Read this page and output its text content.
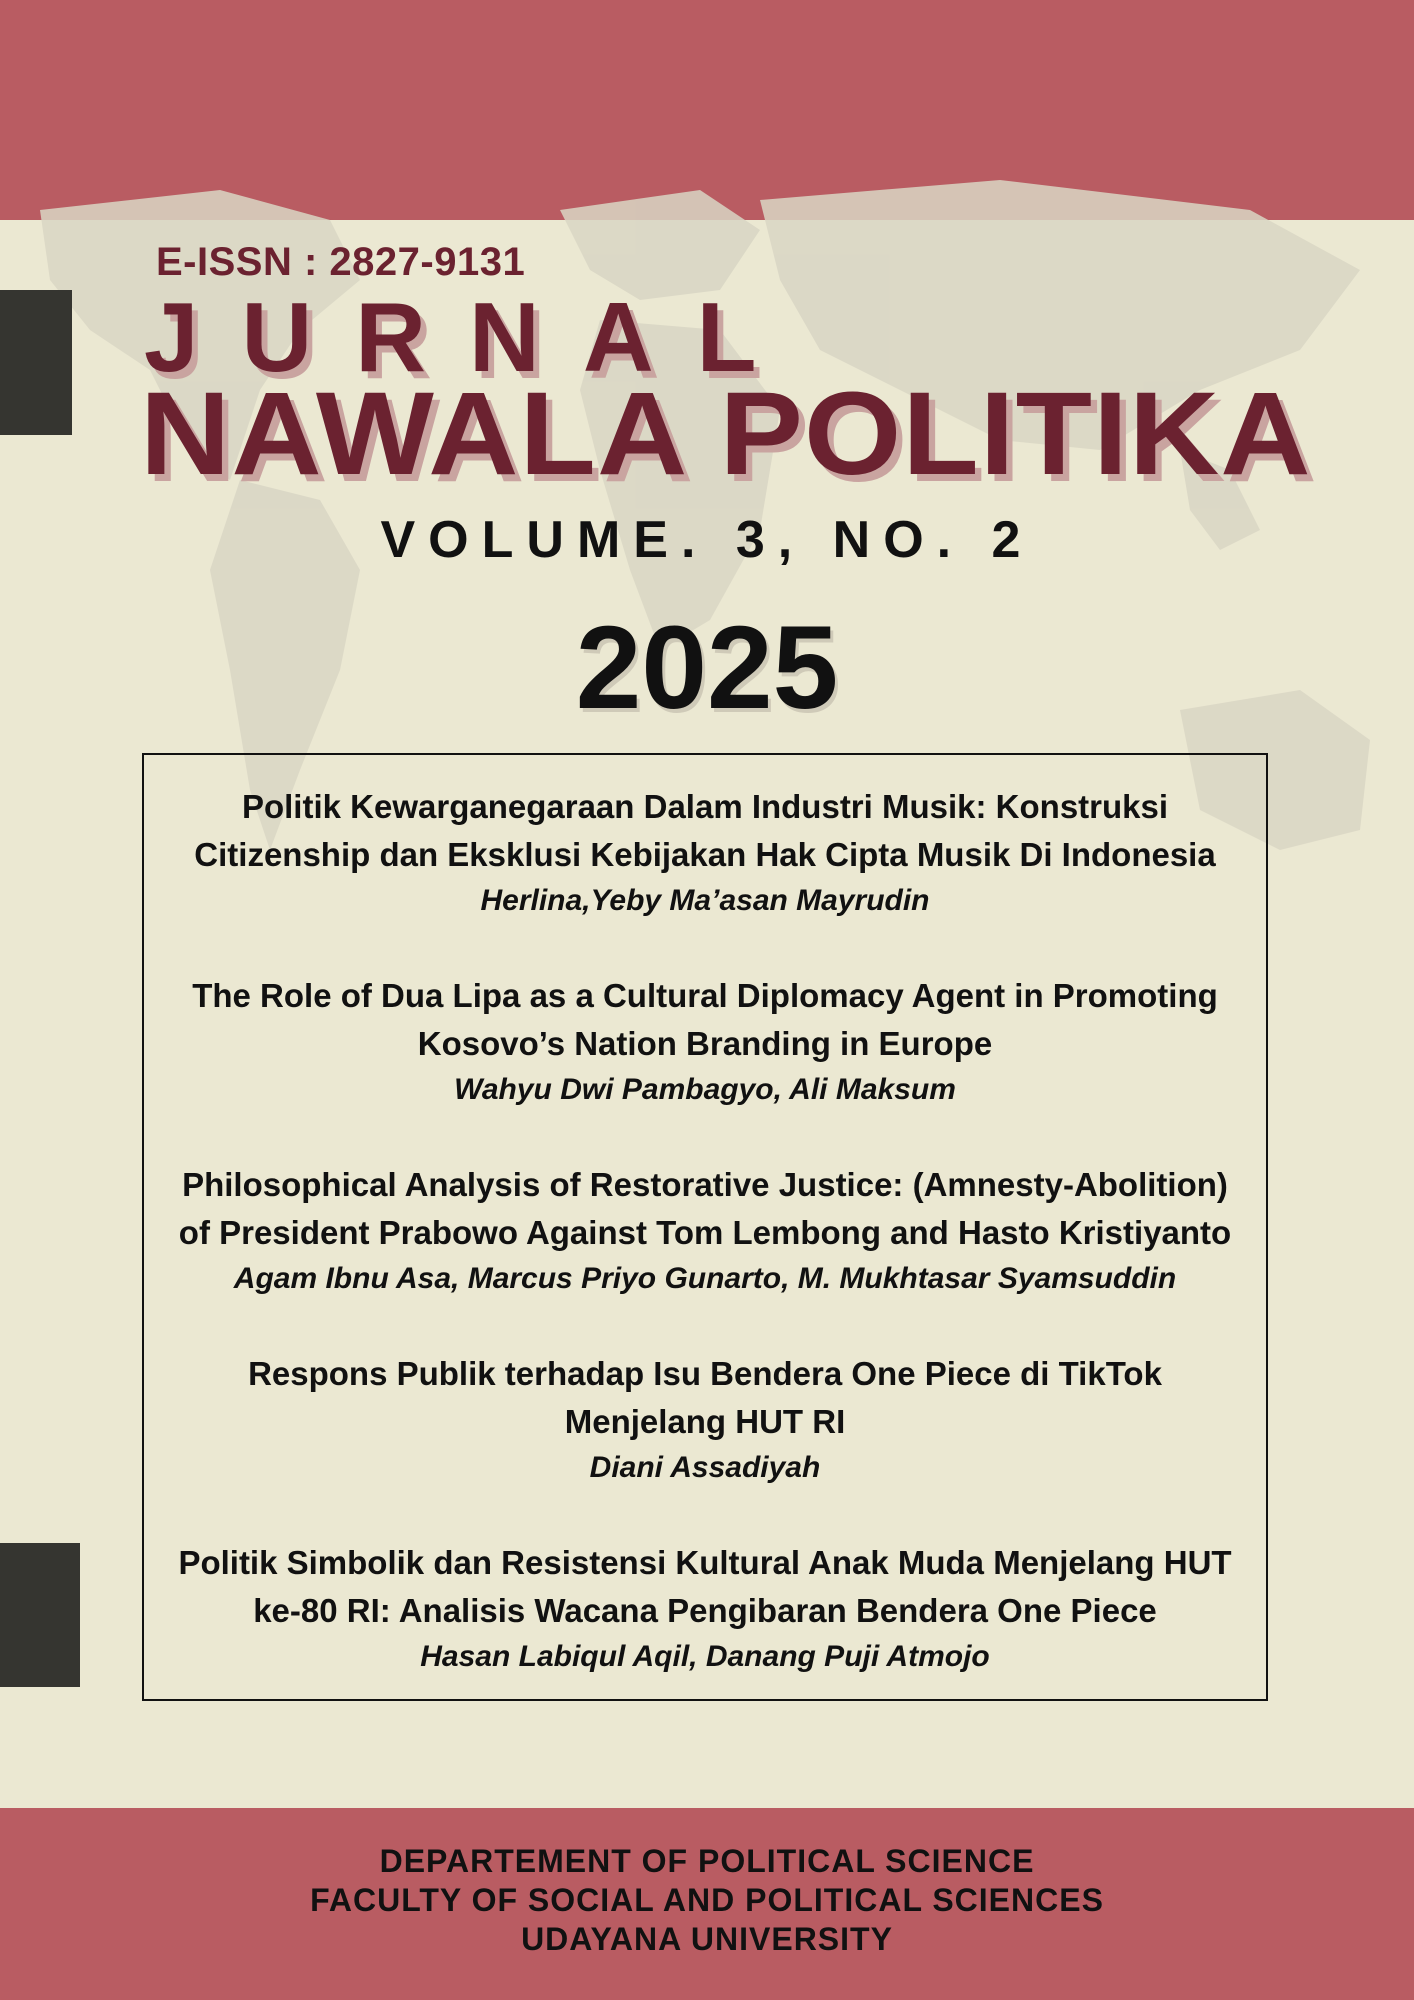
E-ISSN : 2827-9131
JURNAL
NAWALA POLITIKA
VOLUME. 3, NO. 2
2025
Politik Kewarganegaraan Dalam Industri Musik: Konstruksi
Citizenship dan Eksklusi Kebijakan Hak Cipta Musik Di Indonesia
Herlina,Yeby Ma’asan Mayrudin
The Role of Dua Lipa as a Cultural Diplomacy Agent in Promoting
Kosovo’s Nation Branding in Europe
Wahyu Dwi Pambagyo, Ali Maksum
Philosophical Analysis of Restorative Justice: (Amnesty-Abolition)
of President Prabowo Against Tom Lembong and Hasto Kristiyanto
Agam Ibnu Asa, Marcus Priyo Gunarto, M. Mukhtasar Syamsuddin
Respons Publik terhadap Isu Bendera One Piece di TikTok
Menjelang HUT RI
Diani Assadiyah
Politik Simbolik dan Resistensi Kultural Anak Muda Menjelang HUT
ke-80 RI: Analisis Wacana Pengibaran Bendera One Piece
Hasan Labiqul Aqil, Danang Puji Atmojo
DEPARTEMENT OF POLITICAL SCIENCE
FACULTY OF SOCIAL AND POLITICAL SCIENCES
UDAYANA UNIVERSITY
